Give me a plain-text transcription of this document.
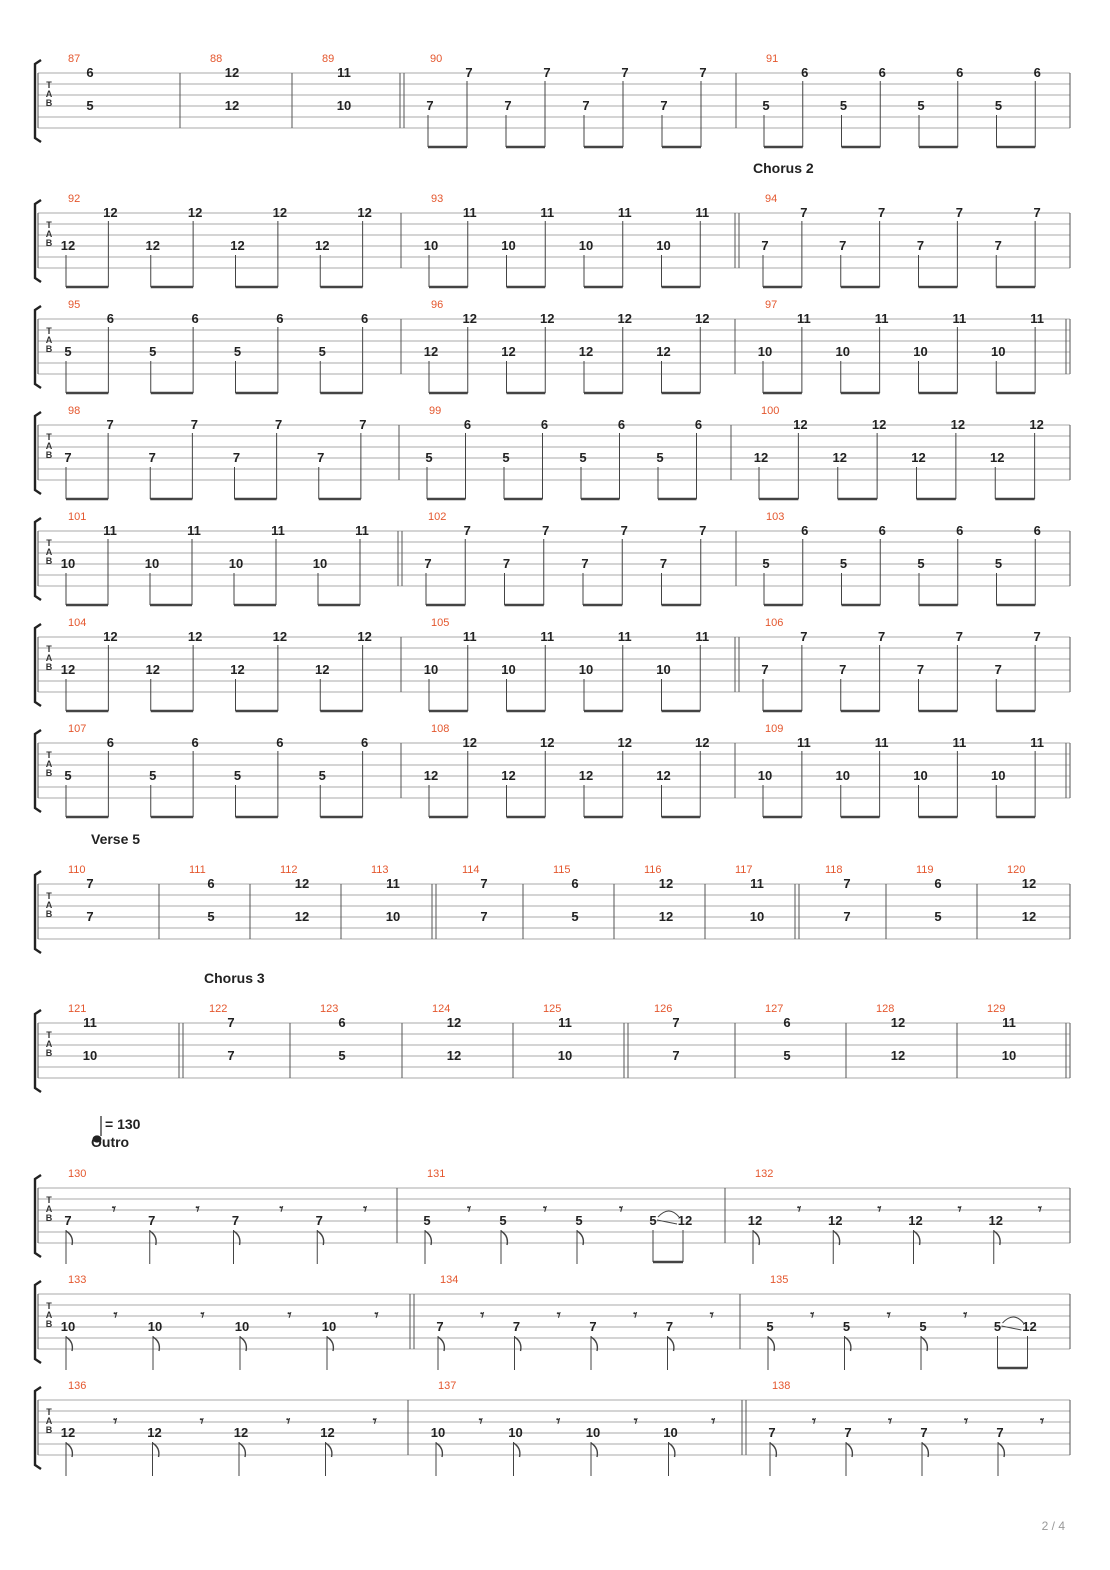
T
A
B
87
6
5
88
12
12
89
11
10
90
7
7
7
7
7
7
7
7
91
5
6
5
6
5
6
5
6
T
A
B
Chorus 2
92
12
12
12
12
12
12
12
12
93
10
11
10
11
10
11
10
11
94
7
7
7
7
7
7
7
7
T
A
B
95
5
6
5
6
5
6
5
6
96
12
12
12
12
12
12
12
12
97
10
11
10
11
10
11
10
11
T
A
B
98
7
7
7
7
7
7
7
7
99
5
6
5
6
5
6
5
6
100
12
12
12
12
12
12
12
12
T
A
B
101
10
11
10
11
10
11
10
11
102
7
7
7
7
7
7
7
7
103
5
6
5
6
5
6
5
6
T
A
B
104
12
12
12
12
12
12
12
12
105
10
11
10
11
10
11
10
11
106
7
7
7
7
7
7
7
7
T
A
B
107
5
6
5
6
5
6
5
6
108
12
12
12
12
12
12
12
12
109
10
11
10
11
10
11
10
11
T
A
B
Verse 5
110
7
7
111
6
5
112
12
12
113
11
10
114
7
7
115
6
5
116
12
12
117
11
10
118
7
7
119
6
5
120
12
12
T
A
B
Chorus 3
121
11
10
122
7
7
123
6
5
124
12
12
125
11
10
126
7
7
127
6
5
128
12
12
129
11
10
T
A
B
= 130
Outro
130
7
𝄾
7
𝄾
7
𝄾
7
𝄾
131
5
𝄾
5
𝄾
5
𝄾
5 12
132
12
𝄾
12
𝄾
12
𝄾
12
𝄾
T
A
B
133
10
𝄾
10
𝄾
10
𝄾
10
𝄾
134
7
𝄾
7
𝄾
7
𝄾
7
𝄾
135
5
𝄾
5
𝄾
5
𝄾
5 12
T
A
B
136
12
𝄾
12
𝄾
12
𝄾
12
𝄾
137
10
𝄾
10
𝄾
10
𝄾
10
𝄾
138
7
𝄾
7
𝄾
7
𝄾
7
𝄾
2 / 4
